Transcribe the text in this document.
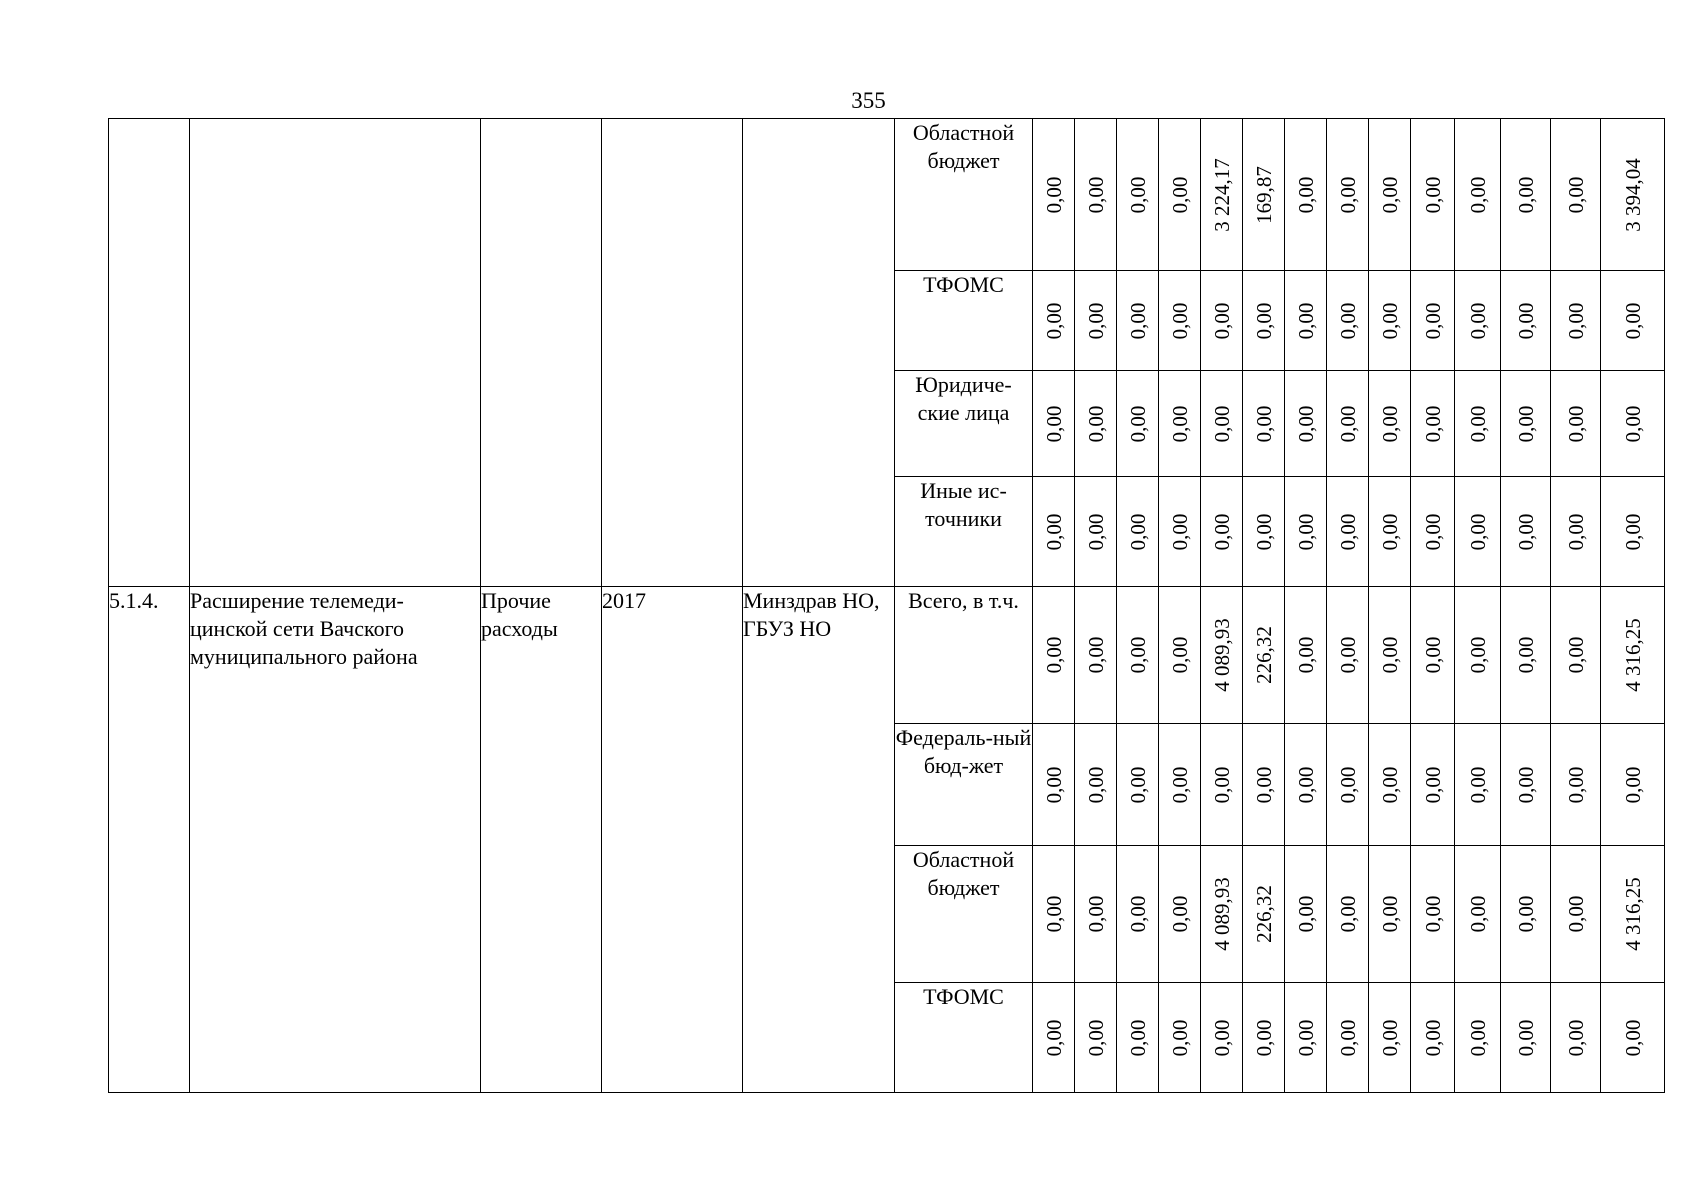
355
					Областной бюджет	0,00	0,00	0,00	0,00	3 224,17	169,87	0,00	0,00	0,00	0,00	0,00	0,00	0,00	3 394,04

					ТФОМС	0,00	0,00	0,00	0,00	0,00	0,00	0,00	0,00	0,00	0,00	0,00	0,00	0,00	0,00

					Юридиче-ские лица	0,00	0,00	0,00	0,00	0,00	0,00	0,00	0,00	0,00	0,00	0,00	0,00	0,00	0,00

					Иные ис-точники	0,00	0,00	0,00	0,00	0,00	0,00	0,00	0,00	0,00	0,00	0,00	0,00	0,00	0,00

5.1.4.	Расширение телемеди-цинской сети Вачского муниципального района	Прочие расходы	2017	Минздрав НО, ГБУЗ НО	Всего, в т.ч.	0,00	0,00	0,00	0,00	4 089,93	226,32	0,00	0,00	0,00	0,00	0,00	0,00	0,00	4 316,25

					Федераль-ный бюд-жет	0,00	0,00	0,00	0,00	0,00	0,00	0,00	0,00	0,00	0,00	0,00	0,00	0,00	0,00

					Областной бюджет	0,00	0,00	0,00	0,00	4 089,93	226,32	0,00	0,00	0,00	0,00	0,00	0,00	0,00	4 316,25

					ТФОМС	0,00	0,00	0,00	0,00	0,00	0,00	0,00	0,00	0,00	0,00	0,00	0,00	0,00	0,00
